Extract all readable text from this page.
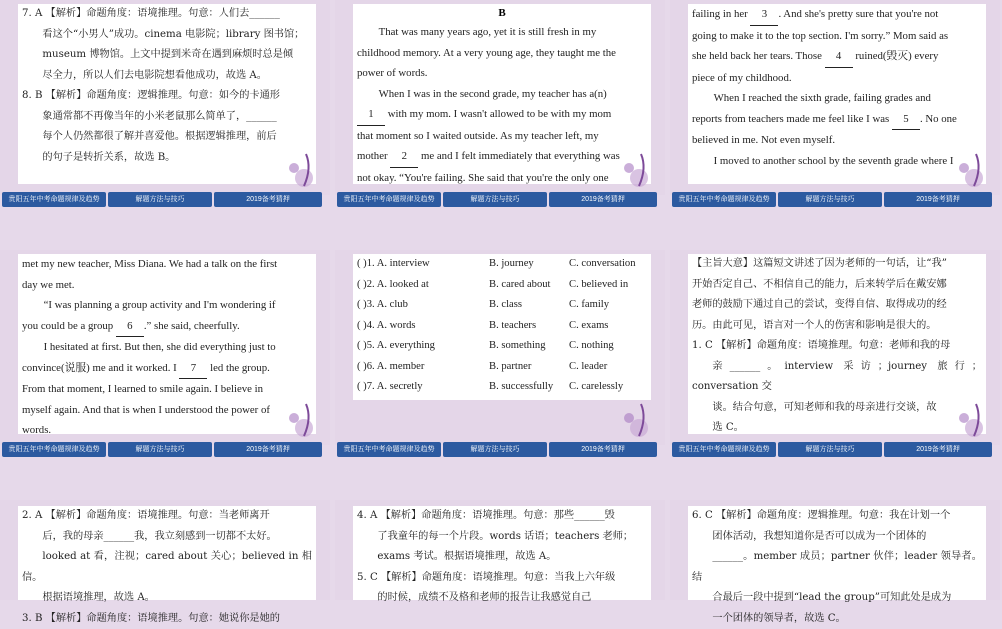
7. A 【解析】命题角度：语境推理。句意：人们去______

看这个“小男人”成功。cinema 电影院；library 图书馆；

museum 博物馆。上文中提到米奇在遇到麻烦时总是倾

尽全力，所以人们去电影院想看他成功，故选 A。

8. B 【解析】命题角度：逻辑推理。句意：如今的卡通形

象通常都不再像当年的小米老鼠那么简单了，______

每个人仍然都很了解并喜爱他。根据逻辑推理，前后

的句子是转折关系，故选 B。

贵阳五年中考命题规律及趋势	解题方法与技巧	2019备考猜押
B

That was many years ago, yet it is still fresh in my

childhood memory. At a very young age, they taught me the

power of words.

When I was in the second grade, my teacher has a(n)

1 with my mom. I wasn't allowed to be with my mom

that moment so I waited outside. As my teacher left, my

mother 2 me and I felt immediately that everything was

not okay. “You're failing. She said that you're the only one

贵阳五年中考命题规律及趋势	解题方法与技巧	2019备考猜押

failing in her 3 . And she's pretty sure that you're not

going to make it to the top section. I'm sorry.” Mom said as

she held back her tears. Those 4 ruined(毁灭) every

piece of my childhood.

When I reached the sixth grade, failing grades and

reports from teachers made me feel like I was 5 . No one

believed in me. Not even myself.

I moved to another school by the seventh grade where I

贵阳五年中考命题规律及趋势	解题方法与技巧	2019备考猜押

met my new teacher, Miss Diana. We had a talk on the first

day we met.

“I was planning a group activity and I'm wondering if

you could be a group 6 .” she said, cheerfully.

I hesitated at first. But then, she did everything just to

convince(说服) me and it worked. I 7 led the group.

From that moment, I learned to smile again. I believe in

myself again. And that is when I understood the power of

words.

贵阳五年中考命题规律及趋势	解题方法与技巧	2019备考猜押
( )1. A. interview	B. journey	C. conversation
( )2. A. looked at	B. cared about	C. believed in
( )3. A. club	B. class	C. family
( )4. A. words	B. teachers	C. exams
( )5. A. everything	B. something	C. nothing
( )6. A. member	B. partner	C. leader
( )7. A. secretly	B. successfully	C. carelessly
贵阳五年中考命题规律及趋势	解题方法与技巧	2019备考猜押

【主旨大意】这篇短文讲述了因为老师的一句话，让“我”

开始否定自己、不相信自己的能力，后来转学后在戴安娜

老师的鼓励下通过自己的尝试，变得自信、取得成功的经

历。由此可见，语言对一个人的伤害和影响是很大的。

1. C 【解析】命题角度：语境推理。句意：老师和我的母

亲______。interview 采访；journey 旅行；conversation 交

谈。结合句意，可知老师和我的母亲进行交谈，故

选 C。

贵阳五年中考命题规律及趋势	解题方法与技巧	2019备考猜押

2. A 【解析】命题角度：语境推理。句意：当老师离开

后，我的母亲______我，我立刻感到一切都不太好。

looked at 看，注视；cared about 关心；believed in 相信。

根据语境推理，故选 A。

3. B 【解析】命题角度：语境推理。句意：她说你是她的

4. A 【解析】命题角度：语境推理。句意：那些______毁

了我童年的每一个片段。words 话语；teachers 老师；

exams 考试。根据语境推理，故选 A。

5. C 【解析】命题角度：语境推理。句意：当我上六年级

的时候，成绩不及格和老师的报告让我感觉自己

6. C 【解析】命题角度：逻辑推理。句意：我在计划一个

团体活动，我想知道你是否可以成为一个团体的

______。member 成员；partner 伙伴；leader 领导者。结

合最后一段中提到“lead the group”可知此处是成为

一个团体的领导者，故选 C。
